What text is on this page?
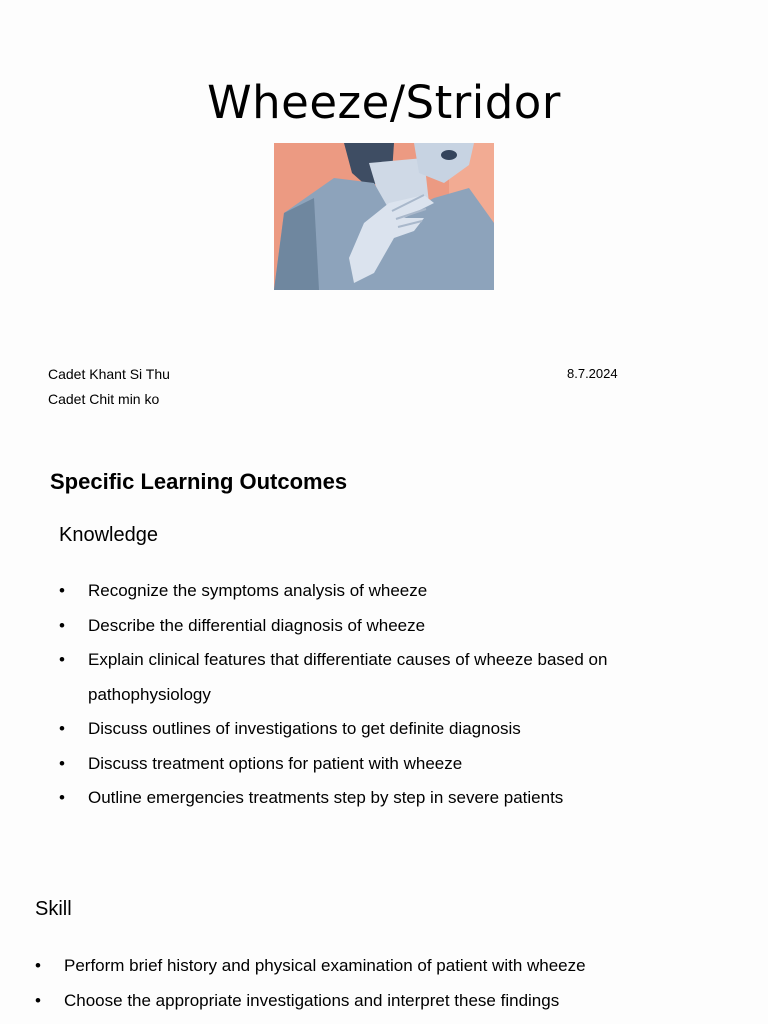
Wheeze/Stridor
Cadet Khant Si Thu
Cadet Chit min ko
8.7.2024
Specific Learning Outcomes
Knowledge
• Recognize the symptoms analysis of wheeze
• Describe the differential diagnosis of wheeze
• Explain clinical features that differentiate causes of wheeze based on pathophysiology
• Discuss outlines of investigations to get definite diagnosis
• Discuss treatment options for patient with wheeze
• Outline emergencies treatments step by step in severe patients
Skill
• Perform brief history and physical examination of patient with wheeze
• Choose the appropriate investigations and interpret these findings
